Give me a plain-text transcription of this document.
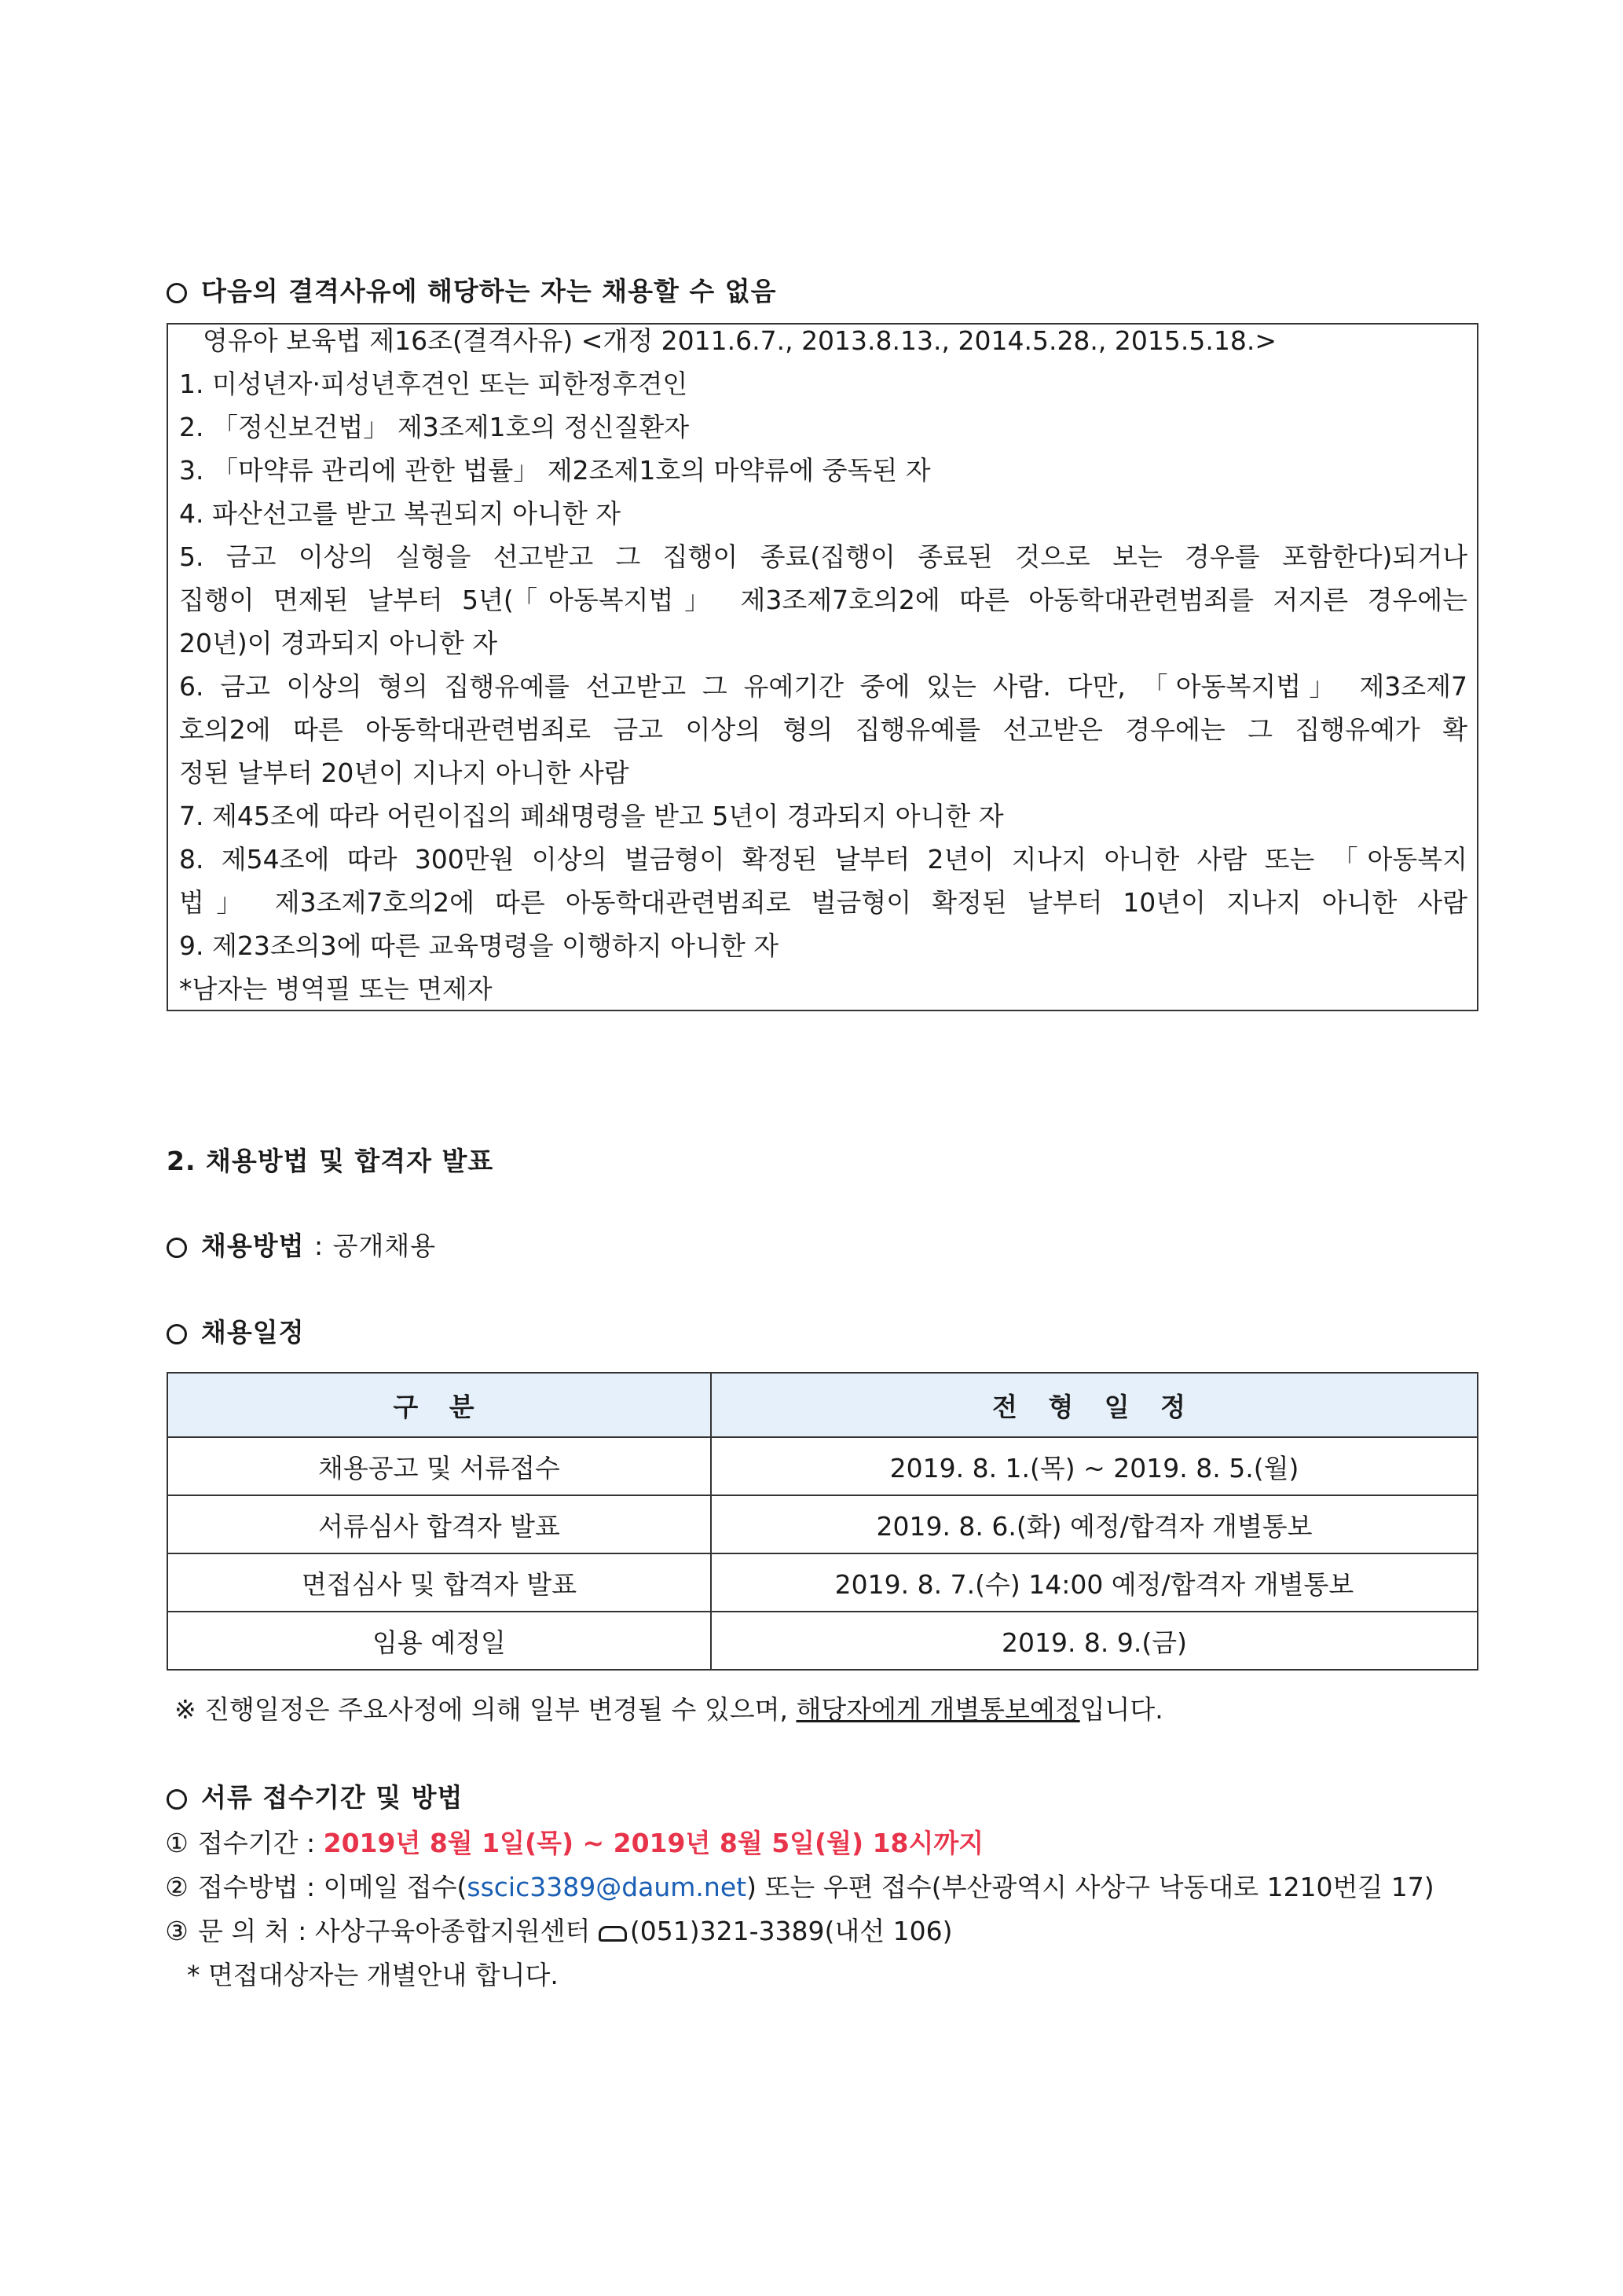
다음의 결격사유에 해당하는 자는 채용할 수 없음
영유아 보육법 제16조(결격사유) <개정 2011.6.7., 2013.8.13., 2014.5.28., 2015.5.18.>
1. 미성년자·피성년후견인 또는 피한정후견인
2. 「정신보건법」 제3조제1호의 정신질환자
3. 「마약류 관리에 관한 법률」 제2조제1호의 마약류에 중독된 자
4. 파산선고를 받고 복권되지 아니한 자
5. 금고 이상의 실형을 선고받고 그 집행이 종료(집행이 종료된 것으로 보는 경우를 포함한다)되거나
집행이 면제된 날부터 5년(「아동복지법」 제3조제7호의2에 따른 아동학대관련범죄를 저지른 경우에는
20년)이 경과되지 아니한 자
6. 금고 이상의 형의 집행유예를 선고받고 그 유예기간 중에 있는 사람. 다만, 「아동복지법」 제3조제7
호의2에 따른 아동학대관련범죄로 금고 이상의 형의 집행유예를 선고받은 경우에는 그 집행유예가 확
정된 날부터 20년이 지나지 아니한 사람
7. 제45조에 따라 어린이집의 폐쇄명령을 받고 5년이 경과되지 아니한 자
8. 제54조에 따라 300만원 이상의 벌금형이 확정된 날부터 2년이 지나지 아니한 사람 또는 「아동복지
법」 제3조제7호의2에 따른 아동학대관련범죄로 벌금형이 확정된 날부터 10년이 지나지 아니한 사람
9. 제23조의3에 따른 교육명령을 이행하지 아니한 자
*남자는 병역필 또는 면제자
2. 채용방법 및 합격자 발표
채용방법 : 공개채용
채용일정
구 분	전 형 일 정
채용공고 및 서류접수	2019. 8. 1.(목) ~ 2019. 8. 5.(월)
서류심사 합격자 발표	2019. 8. 6.(화) 예정/합격자 개별통보
면접심사 및 합격자 발표	2019. 8. 7.(수) 14:00 예정/합격자 개별통보
임용 예정일	2019. 8. 9.(금)
※ 진행일정은 주요사정에 의해 일부 변경될 수 있으며, 해당자에게 개별통보예정입니다.
서류 접수기간 및 방법
① 접수기간 : 2019년 8월 1일(목) ~ 2019년 8월 5일(월) 18시까지
② 접수방법 : 이메일 접수(sscic3389@daum.net) 또는 우편 접수(부산광역시 사상구 낙동대로 1210번길 17)
③ 문 의 처 : 사상구육아종합지원센터 (051)321-3389(내선 106)
* 면접대상자는 개별안내 합니다.
